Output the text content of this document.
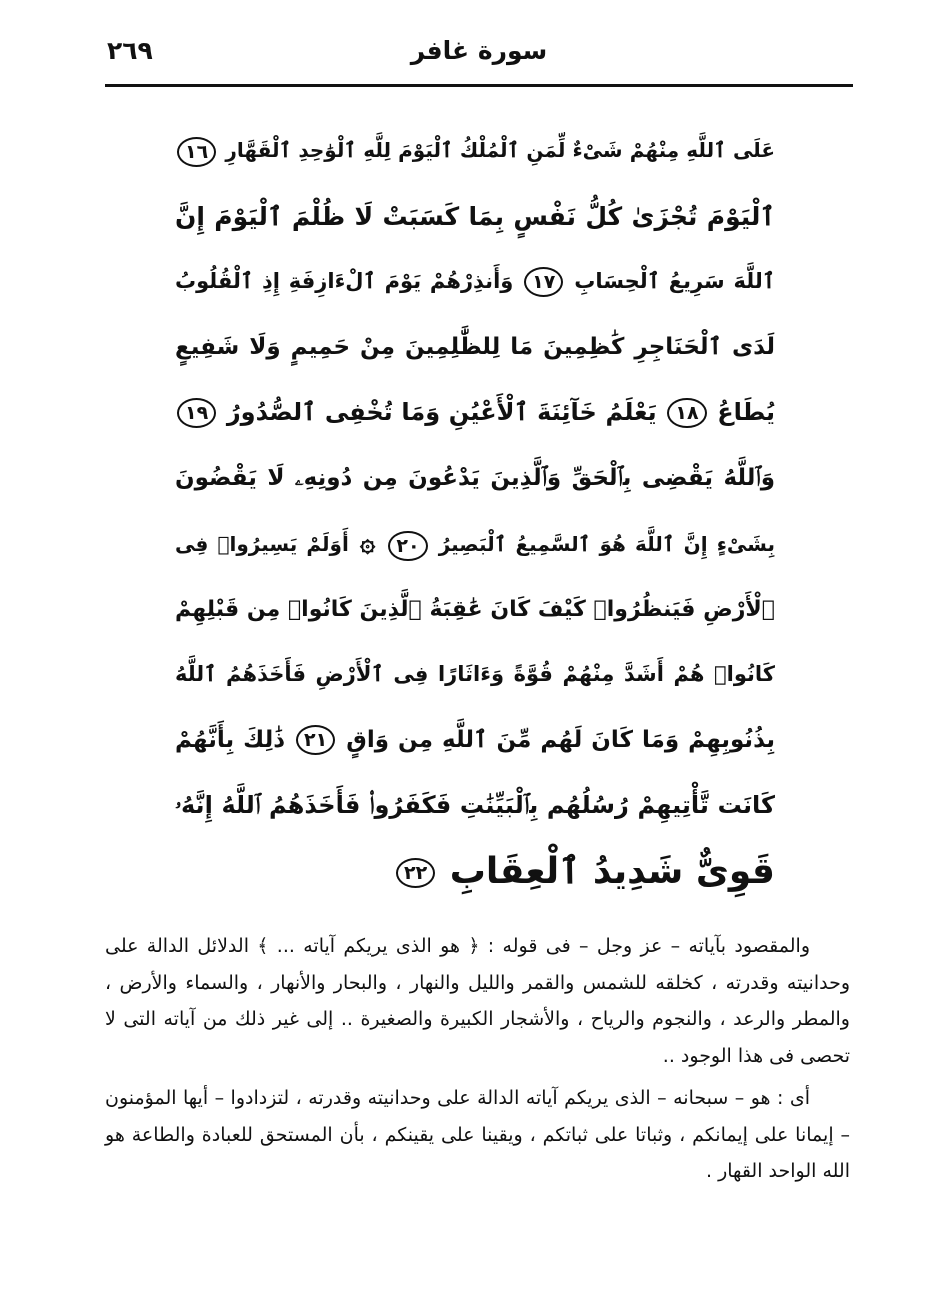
سورة غافر
٢٦٩
عَلَى ٱللَّهِ مِنْهُمْ شَىْءٌ لِّمَنِ ٱلْمُلْكُ ٱلْيَوْمَ لِلَّهِ ٱلْوَٰحِدِ ٱلْقَهَّارِ ١٦
ٱلْيَوْمَ تُجْزَىٰ كُلُّ نَفْسٍ بِمَا كَسَبَتْ لَا ظُلْمَ ٱلْيَوْمَ إِنَّ
ٱللَّهَ سَرِيعُ ٱلْحِسَابِ ١٧ وَأَنذِرْهُمْ يَوْمَ ٱلْءَازِفَةِ إِذِ ٱلْقُلُوبُ
لَدَى ٱلْحَنَاجِرِ كَٰظِمِينَ مَا لِلظَّٰلِمِينَ مِنْ حَمِيمٍ وَلَا شَفِيعٍ
يُطَاعُ ١٨ يَعْلَمُ خَآئِنَةَ ٱلْأَعْيُنِ وَمَا تُخْفِى ٱلصُّدُورُ ١٩
وَٱللَّهُ يَقْضِى بِٱلْحَقِّ وَٱلَّذِينَ يَدْعُونَ مِن دُونِهِۦ لَا يَقْضُونَ
بِشَىْءٍ إِنَّ ٱللَّهَ هُوَ ٱلسَّمِيعُ ٱلْبَصِيرُ ٢٠ ۞ أَوَلَمْ يَسِيرُوا۟ فِى
ٱلْأَرْضِ فَيَنظُرُوا۟ كَيْفَ كَانَ عَٰقِبَةُ ٱلَّذِينَ كَانُوا۟ مِن قَبْلِهِمْ
كَانُوا۟ هُمْ أَشَدَّ مِنْهُمْ قُوَّةً وَءَاثَارًا فِى ٱلْأَرْضِ فَأَخَذَهُمُ ٱللَّهُ
بِذُنُوبِهِمْ وَمَا كَانَ لَهُم مِّنَ ٱللَّهِ مِن وَاقٍ ٢١ ذَٰلِكَ بِأَنَّهُمْ
كَانَت تَّأْتِيهِمْ رُسُلُهُم بِٱلْبَيِّنَٰتِ فَكَفَرُوا۟ فَأَخَذَهُمُ ٱللَّهُ إِنَّهُۥ
قَوِىٌّ شَدِيدُ ٱلْعِقَابِ ٢٢

والمقصود بآياته – عز وجل – فى قوله : ﴿ هو الذى يريكم آياته ... ﴾ الدلائل الدالة على وحدانيته وقدرته ، كخلقه للشمس والقمر والليل والنهار ، والبحار والأنهار ، والسماء والأرض ، والمطر والرعد ، والنجوم والرياح ، والأشجار الكبيرة والصغيرة .. إلى غير ذلك من آياته التى لا تحصى فى هذا الوجود ..

أى : هو – سبحانه – الذى يريكم آياته الدالة على وحدانيته وقدرته ، لتزدادوا – أيها المؤمنون – إيمانا على إيمانكم ، وثباتا على ثباتكم ، ويقينا على يقينكم ، بأن المستحق للعبادة والطاعة هو الله الواحد القهار .
